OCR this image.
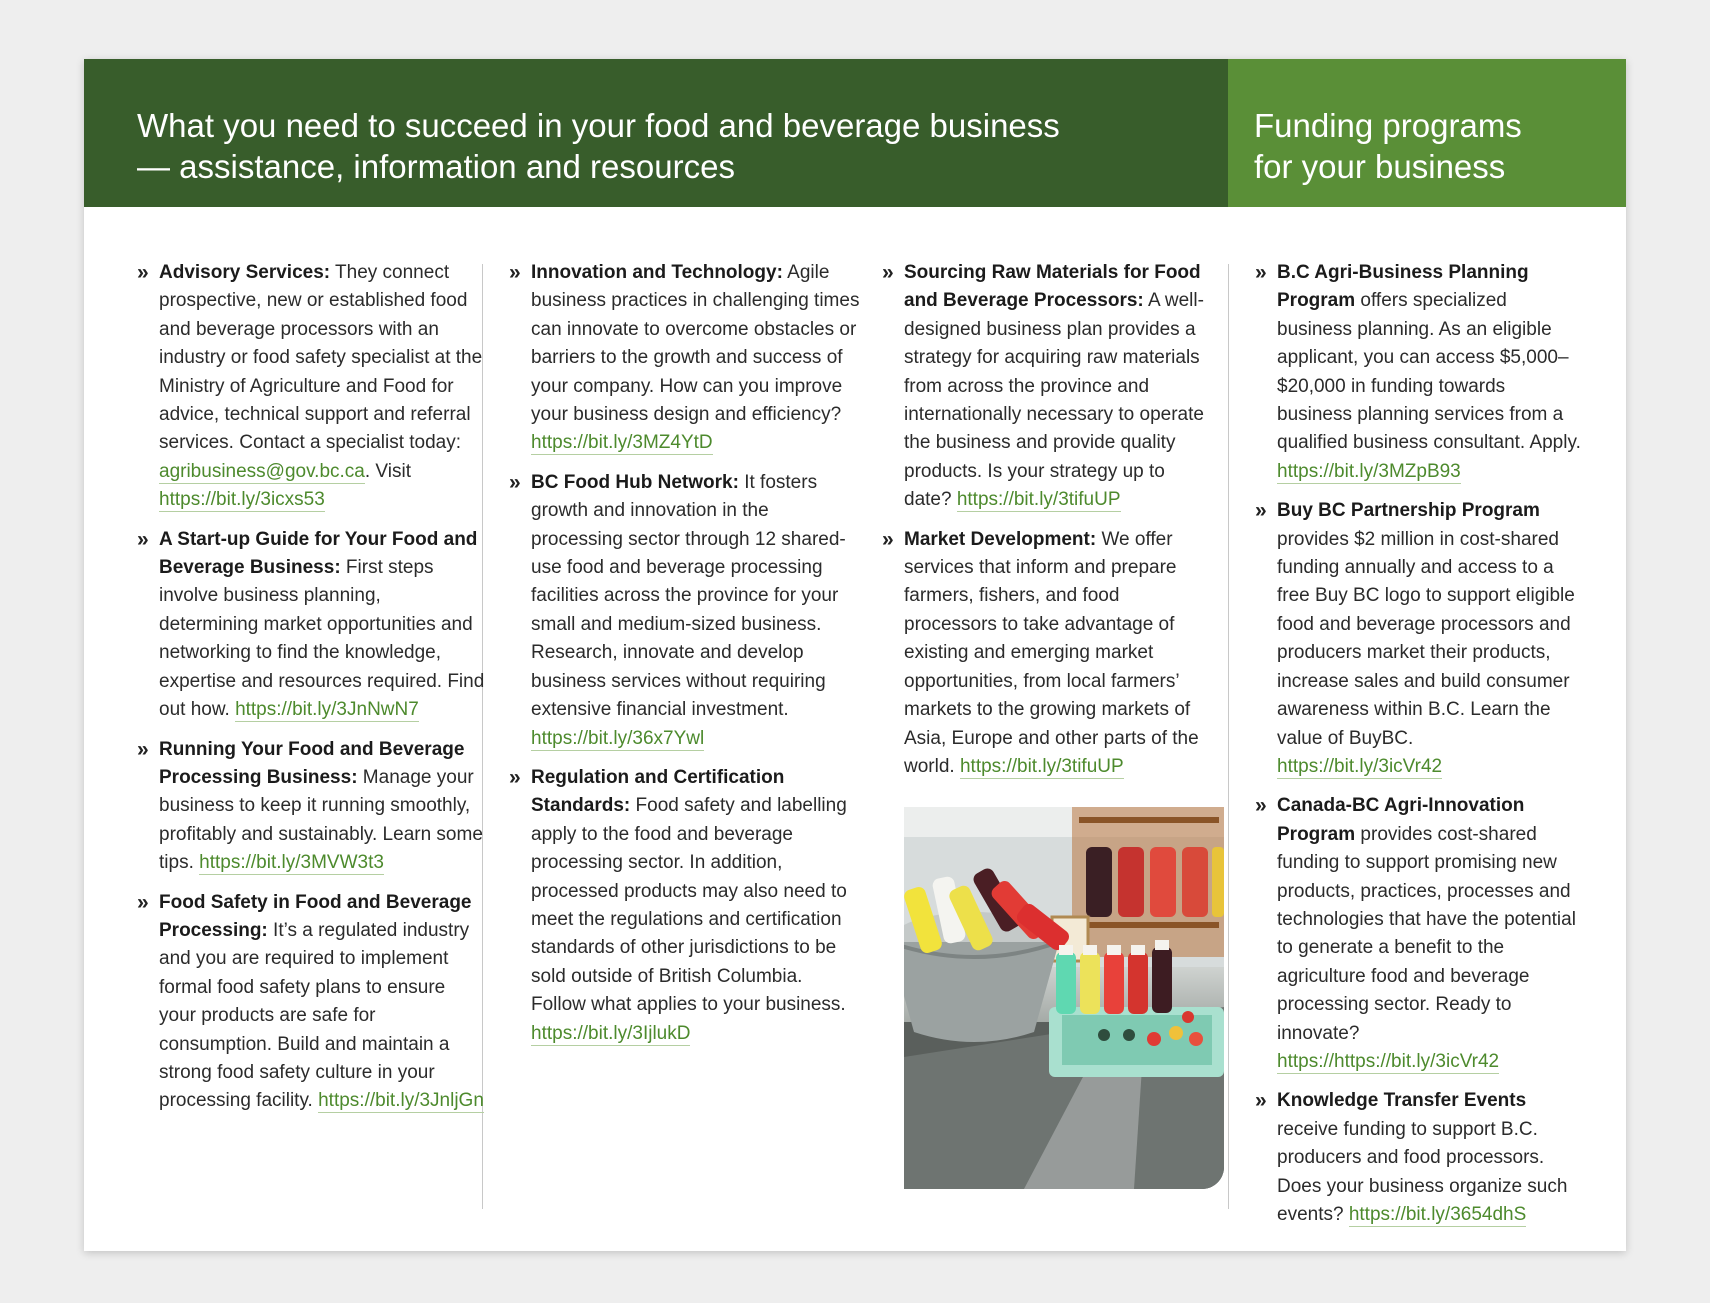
What you need to succeed in your food and beverage business
— assistance, information and resources
Funding programs
for your business
» Advisory Services: They connect prospective, new or established food and beverage processors with an industry or food safety specialist at the Ministry of Agriculture and Food for advice, technical support and referral services. Contact a specialist today: agribusiness@gov.bc.ca. Visit https://bit.ly/3icxs53
» A Start-up Guide for Your Food and Beverage Business: First steps involve business planning, determining market opportunities and networking to find the knowledge, expertise and resources required. Find out how. https://bit.ly/3JnNwN7
» Running Your Food and Beverage Processing Business: Manage your business to keep it running smoothly, profitably and sustainably. Learn some tips. https://bit.ly/3MVW3t3
» Food Safety in Food and Beverage Processing: It’s a regulated industry and you are required to implement formal food safety plans to ensure your products are safe for consumption. Build and maintain a strong food safety culture in your processing facility. https://bit.ly/3JnljGn
» Innovation and Technology: Agile business practices in challenging times can innovate to overcome obstacles or barriers to the growth and success of your company. How can you improve your business design and efficiency? https://bit.ly/3MZ4YtD
» BC Food Hub Network: It fosters growth and innovation in the processing sector through 12 shared-use food and beverage processing facilities across the province for your small and medium-sized business. Research, innovate and develop business services without requiring extensive financial investment. https://bit.ly/36x7Ywl
» Regulation and Certification Standards: Food safety and labelling apply to the food and beverage processing sector. In addition, processed products may also need to meet the regulations and certification standards of other jurisdictions to be sold outside of British Columbia. Follow what applies to your business. https://bit.ly/3IjlukD
» Sourcing Raw Materials for Food and Beverage Processors: A well-designed business plan provides a strategy for acquiring raw materials from across the province and internationally necessary to operate the business and provide quality products. Is your strategy up to date? https://bit.ly/3tifuUP
» Market Development: We offer services that inform and prepare farmers, fishers, and food processors to take advantage of existing and emerging market opportunities, from local farmers’ markets to the growing markets of Asia, Europe and other parts of the world. https://bit.ly/3tifuUP
» B.C Agri-Business Planning Program offers specialized business planning. As an eligible applicant, you can access $5,000–$20,000 in funding towards business planning services from a qualified business consultant. Apply. https://bit.ly/3MZpB93
» Buy BC Partnership Program provides $2 million in cost-shared funding annually and access to a free Buy BC logo to support eligible food and beverage processors and producers market their products, increase sales and build consumer awareness within B.C. Learn the value of BuyBC. https://bit.ly/3icVr42
» Canada-BC Agri-Innovation Program provides cost-shared funding to support promising new products, practices, processes and technologies that have the potential to generate a benefit to the agriculture food and beverage processing sector. Ready to innovate? https://https://bit.ly/3icVr42
» Knowledge Transfer Events receive funding to support B.C. producers and food processors. Does your business organize such events? https://bit.ly/3654dhS
